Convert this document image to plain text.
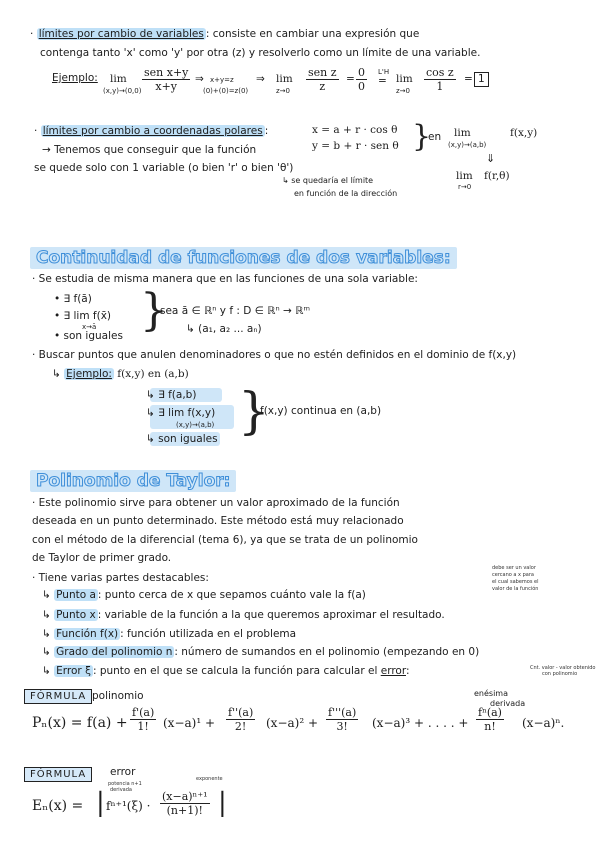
· límites por cambio de variables : consiste en cambiar una expresión que
contenga tanto 'x' como 'y' por otra (z) y resolverlo como un límite de una variable.
Ejemplo: lim
(x,y)→(0,0)
sen x+y
x+y
⇒ x+y=z
(0)+(0)=z(0)
⇒ lim
z→0
sen z
z
= $\frac{0}{0} L'H$
= lim
$z\to 0 \frac{\text{cos z}}{1} = 1$
· límites por cambio a coordenadas polares :	x = a + r · cos θ
y = b + r · sen θ }
en lim
(x,y)→(a,b)
f(x,y)
⇓
lim
r→0
f(r,θ)
→ Tenemos que conseguir que la función
se quede solo con 1 variable (o bien 'r' o bien 'θ')
↳ se quedaría el límite
en función de la dirección
Continuidad de funciones de dos variables:
· Se estudia de misma manera que en las funciones de una sola variable:
• ∃ f(ā)
• ∃ lim f(x̄)
x→ā
• son iguales }
sea ā ∈ ℝⁿ y f : D ∈ ℝⁿ → ℝᵐ
↳ (a₁, a₂ ... aₙ)
· Buscar puntos que anulen denominadores o que no estén definidos en el dominio de f(x,y)
↳ Ejemplo: f(x,y) en (a,b)
↳ ∃ f(a,b)
↳ ∃ lim f(x,y)
(x,y)→(a,b)
↳ son iguales }
f(x,y) continua en (a,b)
Polinomio de Taylor:
· Este polinomio sirve para obtener un valor aproximado de la función
deseada en un punto determinado. Este método está muy relacionado
con el método de la diferencial (tema 6), ya que se trata de un polinomio
de Taylor de primer grado.
· Tiene varias partes destacables:
debe ser un valor
cercano a x para
el cual sabemos el
valor de la función
↳ Punto a : punto cerca de x que sepamos cuánto vale la f(a)
↳ Punto x : variable de la función a la que queremos aproximar el resultado.
↳ Función f(x) : función utilizada en el problema
↳ Grado del polinomio n : número de sumandos en el polinomio (empezando en 0)
↳ Error ξ : punto en el que se calcula la función para calcular el error:	Cnt. valor - valor obtenido
con polinomio
FÓRMULA polinomio	enésima
derivada
$P_n(x) = f(a) + \frac{f'(a)}{1!} (x-a)^1 + \frac{f''(a)}{2!} (x-a)^2 + \frac{f'''(a)}{3!} (x-a)^3$ + . . . . + $\frac{\text{fⁿ(a)}}{n!} (x-a)^n$.
FÓRMULA	error
potencia n+1
derivada
exponente
Eₙ(x) = | $f^{n+1}(\xi) \cdot \frac{\text{(x−a)ⁿ⁺¹}}{(n+1)!}$ |
